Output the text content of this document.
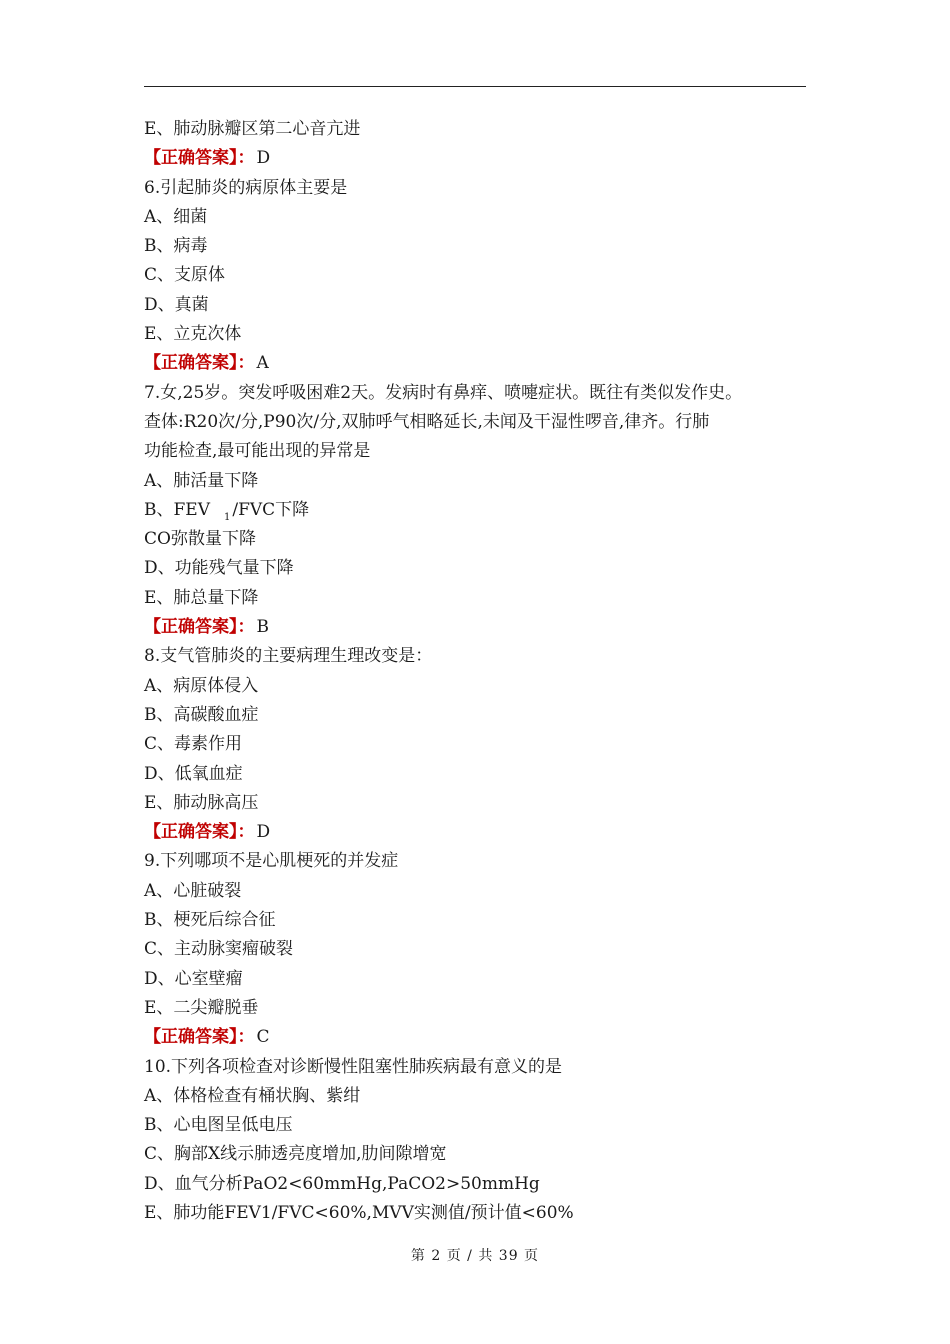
E、肺动脉瓣区第二心音亢进
【正确答案】： D
6.引起肺炎的病原体主要是
A、细菌
B、病毒
C、支原体
D、真菌
E、立克次体
【正确答案】： A
7.女,25岁。突发呼吸困难2天。发病时有鼻痒、喷嚏症状。既往有类似发作史。
查体:R20次/分,P90次/分,双肺呼气相略延长,未闻及干湿性啰音,律齐。行肺
功能检查,最可能出现的异常是
A、肺活量下降
B、FEV $_1$ /FVC下降
CO弥散量下降
D、功能残气量下降
E、肺总量下降
【正确答案】： B
8.支气管肺炎的主要病理生理改变是：
A、病原体侵入
B、高碳酸血症
C、毒素作用
D、低氧血症
E、肺动脉高压
【正确答案】： D
9.下列哪项不是心肌梗死的并发症
A、心脏破裂
B、梗死后综合征
C、主动脉窦瘤破裂
D、心室壁瘤
E、二尖瓣脱垂
【正确答案】： C
10.下列各项检查对诊断慢性阻塞性肺疾病最有意义的是
A、体格检查有桶状胸、紫绀
B、心电图呈低电压
C、胸部X线示肺透亮度增加,肋间隙增宽
D、血气分析PaO2<60mmHg,PaCO2>50mmHg
E、肺功能FEV1/FVC<60%,MVV实测值/预计值<60%
第 2 页 / 共 39 页
